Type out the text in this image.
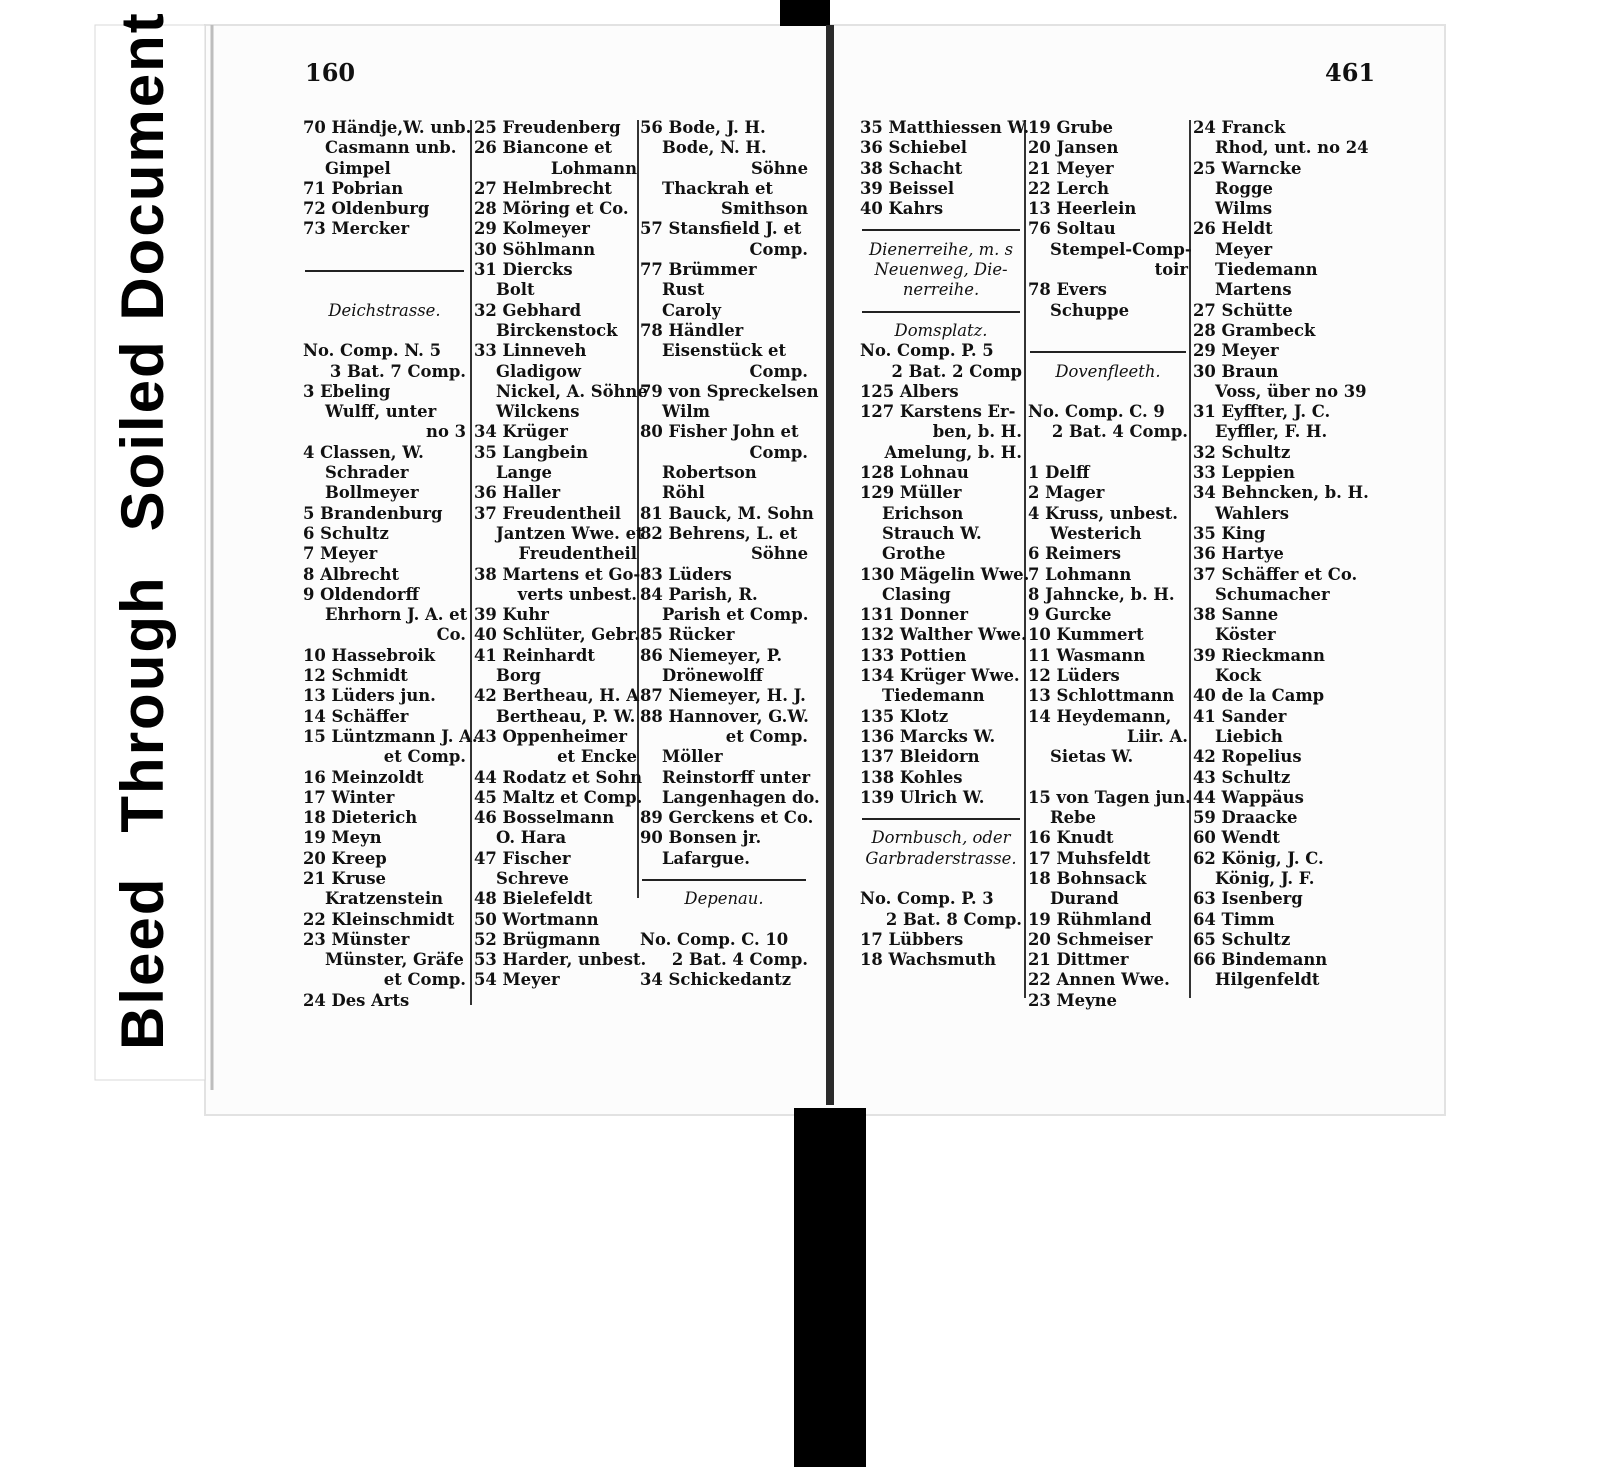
BleedThroughSoiled Document	160	461
70 Händje,W. unb.
Casmann unb.
Gimpel
71 Pobrian
72 Oldenburg
73 Mercker
Deichstrasse.
No. Comp. N. 5
3 Bat. 7 Comp.
3 Ebeling
Wulff, unter
no 3
4 Classen, W.
Schrader
Bollmeyer
5 Brandenburg
6 Schultz
7 Meyer
8 Albrecht
9 Oldendorff
Ehrhorn J. A. et
Co.
10 Hassebroik
12 Schmidt
13 Lüders jun.
14 Schäffer
15 Lüntzmann J. A.
et Comp.
16 Meinzoldt
17 Winter
18 Dieterich
19 Meyn
20 Kreep
21 Kruse
Kratzenstein
22 Kleinschmidt
23 Münster
Münster, Gräfe
et Comp.
24 Des Arts
25 Freudenberg
26 Biancone et
Lohmann
27 Helmbrecht
28 Möring et Co.
29 Kolmeyer
30 Söhlmann
31 Diercks
Bolt
32 Gebhard
Birckenstock
33 Linneveh
Gladigow
Nickel, A. Söhne
Wilckens
34 Krüger
35 Langbein
Lange
36 Haller
37 Freudentheil
Jantzen Wwe. et
Freudentheil
38 Martens et Go-
verts unbest.
39 Kuhr
40 Schlüter, Gebr.
41 Reinhardt
Borg
42 Bertheau, H. A
Bertheau, P. W.
43 Oppenheimer
et Encke
44 Rodatz et Sohn
45 Maltz et Comp.
46 Bosselmann
O. Hara
47 Fischer
Schreve
48 Bielefeldt
50 Wortmann
52 Brügmann
53 Harder, unbest.
54 Meyer
56 Bode, J. H.
Bode, N. H.
Söhne
Thackrah et
Smithson
57 Stansfield J. et
Comp.
77 Brümmer
Rust
Caroly
78 Händler
Eisenstück et
Comp.
79 von Spreckelsen
Wilm
80 Fisher John et
Comp.
Robertson
Röhl
81 Bauck, M. Sohn
82 Behrens, L. et
Söhne
83 Lüders
84 Parish, R.
Parish et Comp.
85 Rücker
86 Niemeyer, P.
Drönewolff
87 Niemeyer, H. J.
88 Hannover, G.W.
et Comp.
Möller
Reinstorff unter
Langenhagen do.
89 Gerckens et Co.
90 Bonsen jr.
Lafargue.
Depenau.
No. Comp. C. 10
2 Bat. 4 Comp.
34 Schickedantz
35 Matthiessen W.
36 Schiebel
38 Schacht
39 Beissel
40 Kahrs
Dienerreihe, m. s
Neuenweg, Die-
nerreihe.
Domsplatz.
No. Comp. P. 5
2 Bat. 2 Comp
125 Albers
127 Karstens Er-
ben, b. H.
Amelung, b. H.
128 Lohnau
129 Müller
Erichson
Strauch W.
Grothe
130 Mägelin Wwe.
Clasing
131 Donner
132 Walther Wwe.
133 Pottien
134 Krüger Wwe.
Tiedemann
135 Klotz
136 Marcks W.
137 Bleidorn
138 Kohles
139 Ulrich W.
Dornbusch, oder
Garbraderstrasse.
No. Comp. P. 3
2 Bat. 8 Comp.
17 Lübbers
18 Wachsmuth
19 Grube
20 Jansen
21 Meyer
22 Lerch
13 Heerlein
76 Soltau
Stempel-Comp-
toir
78 Evers
Schuppe
Dovenfleeth.
No. Comp. C. 9
2 Bat. 4 Comp.
1 Delff
2 Mager
4 Kruss, unbest.
Westerich
6 Reimers
7 Lohmann
8 Jahncke, b. H.
9 Gurcke
10 Kummert
11 Wasmann
12 Lüders
13 Schlottmann
14 Heydemann,
Liir. A.
Sietas W.
15 von Tagen jun.
Rebe
16 Knudt
17 Muhsfeldt
18 Bohnsack
Durand
19 Rühmland
20 Schmeiser
21 Dittmer
22 Annen Wwe.
23 Meyne
24 Franck
Rhod, unt. no 24
25 Warncke
Rogge
Wilms
26 Heldt
Meyer
Tiedemann
Martens
27 Schütte
28 Grambeck
29 Meyer
30 Braun
Voss, über no 39
31 Eyffter, J. C.
Eyffler, F. H.
32 Schultz
33 Leppien
34 Behncken, b. H.
Wahlers
35 King
36 Hartye
37 Schäffer et Co.
Schumacher
38 Sanne
Köster
39 Rieckmann
Kock
40 de la Camp
41 Sander
Liebich
42 Ropelius
43 Schultz
44 Wappäus
59 Draacke
60 Wendt
62 König, J. C.
König, J. F.
63 Isenberg
64 Timm
65 Schultz
66 Bindemann
Hilgenfeldt
